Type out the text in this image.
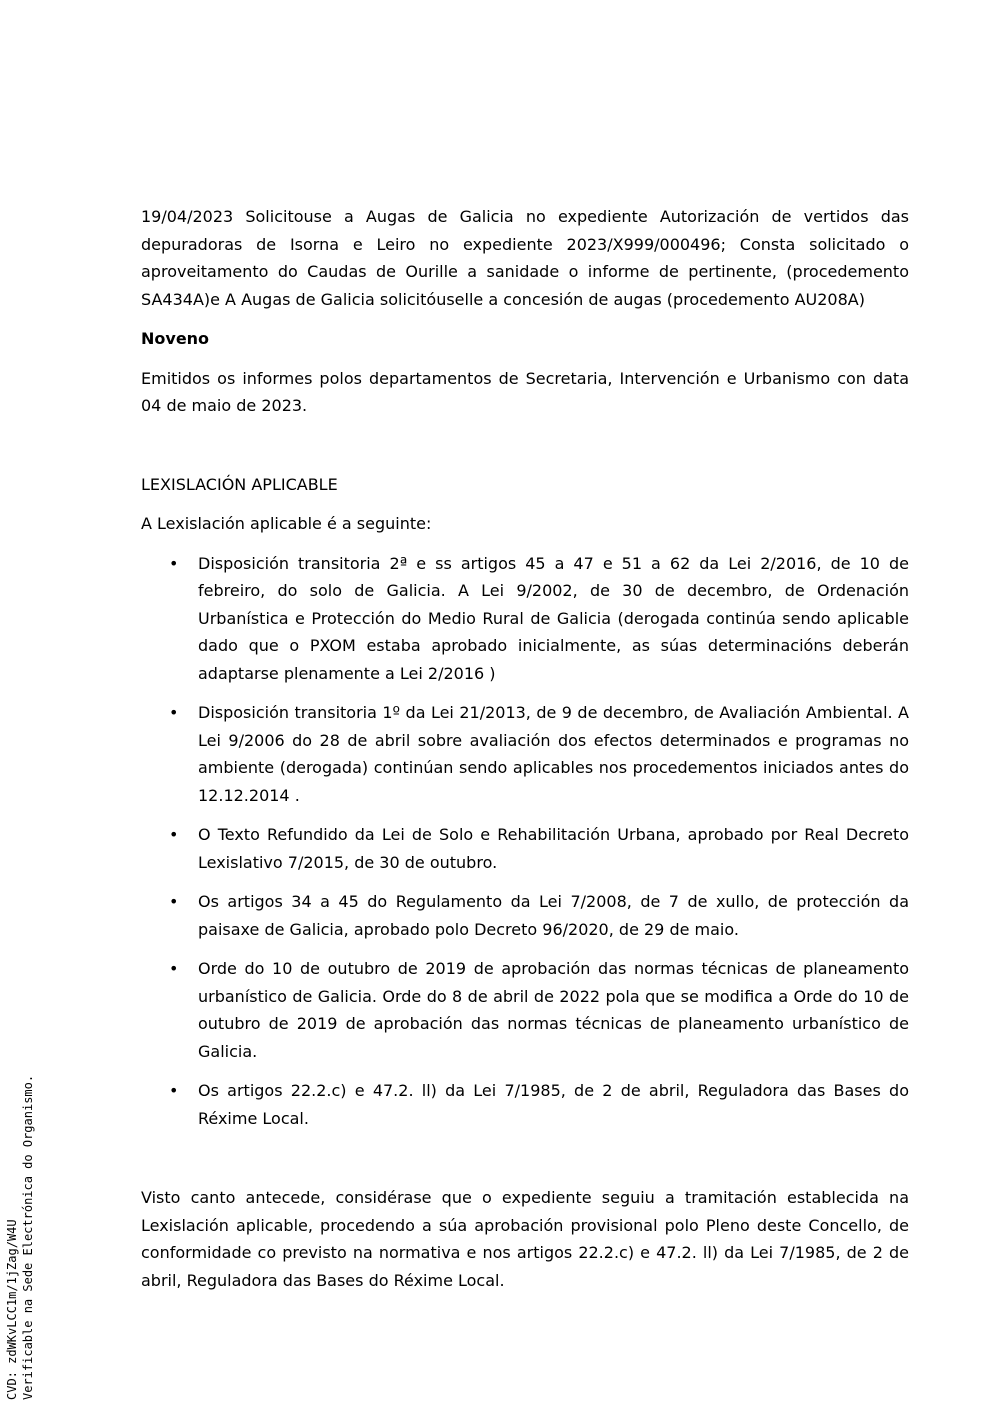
19/04/2023 Solicitouse a Augas de Galicia no expediente Autorización de vertidos das depuradoras de Isorna e Leiro no expediente 2023/X999/000496; Consta solicitado o aproveitamento do Caudas de Ourille a sanidade o informe de pertinente, (procedemento SA434A)e A Augas de Galicia solicitóuselle a concesión de augas (procedemento AU208A)

Noveno

Emitidos os informes polos departamentos de Secretaria, Intervención e Urbanismo con data 04 de maio de 2023.

LEXISLACIÓN APLICABLE

A Lexislación aplicable é a seguinte:

• Disposición transitoria 2ª e ss artigos 45 a 47 e 51 a 62 da Lei 2/2016, de 10 de febreiro, do solo de Galicia. A Lei 9/2002, de 30 de decembro, de Ordenación Urbanística e Protección do Medio Rural de Galicia (derogada continúa sendo aplicable dado que o PXOM estaba aprobado inicialmente, as súas determinacións deberán adaptarse plenamente a Lei 2/2016 )
• Disposición transitoria 1º da Lei 21/2013, de 9 de decembro, de Avaliación Ambiental. A Lei 9/2006 do 28 de abril sobre avaliación dos efectos determinados e programas no ambiente (derogada) continúan sendo aplicables nos procedementos iniciados antes do 12.12.2014 .
• O Texto Refundido da Lei de Solo e Rehabilitación Urbana, aprobado por Real Decreto Lexislativo 7/2015, de 30 de outubro.
• Os artigos 34 a 45 do Regulamento da Lei 7/2008, de 7 de xullo, de protección da paisaxe de Galicia, aprobado polo Decreto 96/2020, de 29 de maio.
• Orde do 10 de outubro de 2019 de aprobación das normas técnicas de planeamento urbanístico de Galicia. Orde do 8 de abril de 2022 pola que se modifica a Orde do 10 de outubro de 2019 de aprobación das normas técnicas de planeamento urbanístico de Galicia.
• Os artigos 22.2.c) e 47.2. ll) da Lei 7/1985, de 2 de abril, Reguladora das Bases do Réxime Local.

Visto canto antecede, considérase que o expediente seguiu a tramitación establecida na Lexislación aplicable, procedendo a súa aprobación provisional polo Pleno deste Concello, de conformidade co previsto na normativa e nos artigos 22.2.c) e 47.2. ll) da Lei 7/1985, de 2 de abril, Reguladora das Bases do Réxime Local.

CVD: zdWKvLCC1m/1jZag/W4U Verificable na Sede Electrónica do Organismo.
